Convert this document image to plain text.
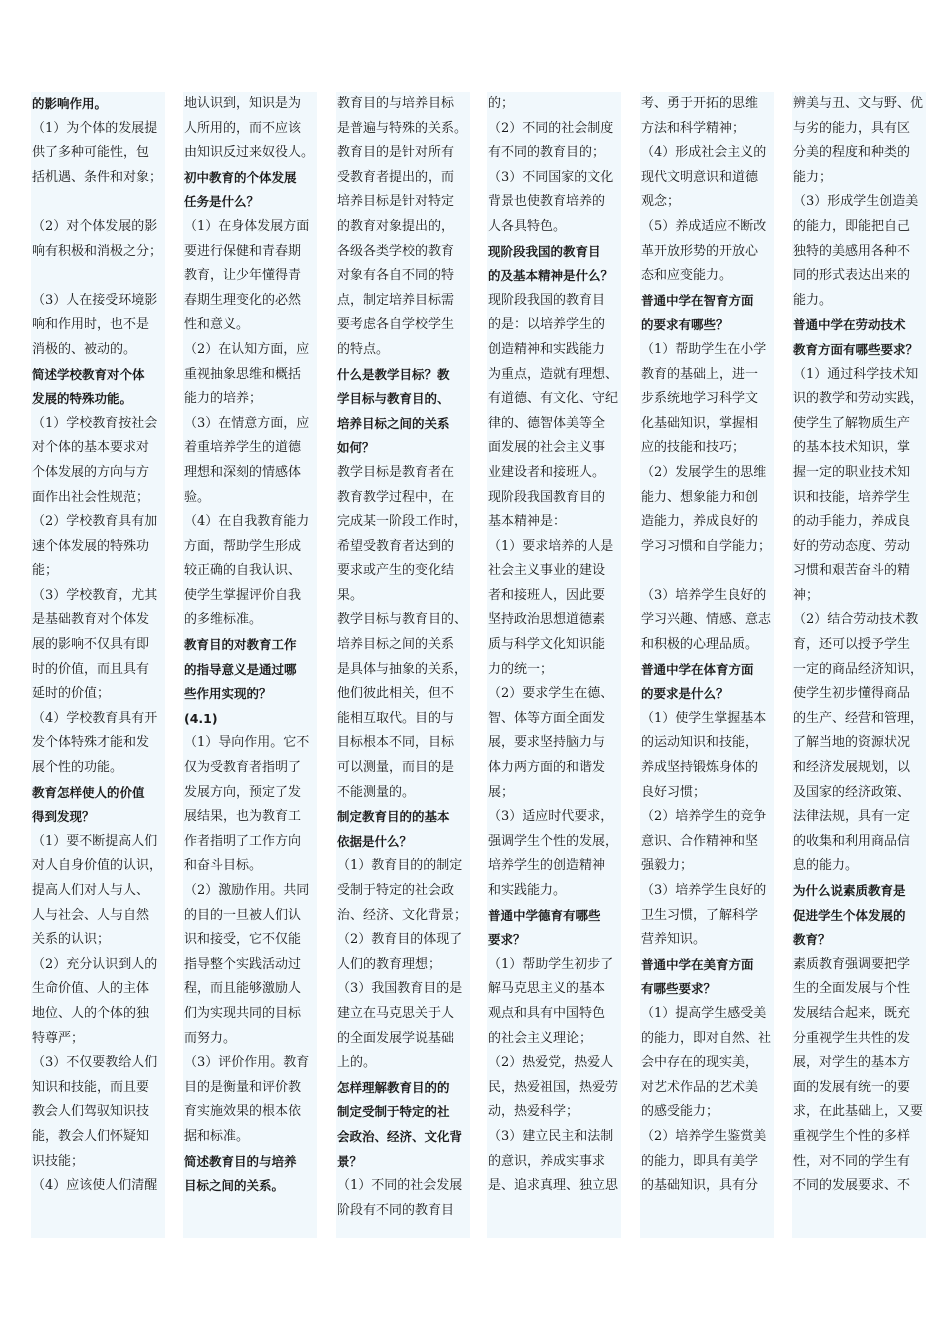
的影响作用。
（1）为个体的发展提
供了多种可能性，包
括机遇、条件和对象；

（2）对个体发展的影
响有积极和消极之分；

（3）人在接受环境影
响和作用时，也不是
消极的、被动的。

简述学校教育对个体
发展的特殊功能。
（1）学校教育按社会
对个体的基本要求对
个体发展的方向与方
面作出社会性规范；
（2）学校教育具有加
速个体发展的特殊功
能；
（3）学校教育，尤其
是基础教育对个体发
展的影响不仅具有即
时的价值，而且具有
延时的价值；
（4）学校教育具有开
发个体特殊才能和发
展个性的功能。
教育怎样使人的价值
得到发现？
（1）要不断提高人们
对人自身价值的认识，
提高人们对人与人、
人与社会、人与自然
关系的认识；
（2）充分认识到人的
生命价值、人的主体
地位、人的个体的独
特尊严；
（3）不仅要教给人们
知识和技能，而且要
教会人们驾驭知识技
能，教会人们怀疑知
识技能；
（4）应该使人们清醒
地认识到，知识是为
人所用的，而不应该
由知识反过来奴役人。

初中教育的个体发展
任务是什么？
（1）在身体发展方面
要进行保健和青春期
教育，让少年懂得青
春期生理变化的必然
性和意义。
（2）在认知方面，应
重视抽象思维和概括
能力的培养；
（3）在情意方面，应
着重培养学生的道德
理想和深刻的情感体
验。
（4）在自我教育能力
方面，帮助学生形成
较正确的自我认识、
使学生掌握评价自我
的多维标准。
教育目的对教育工作
的指导意义是通过哪
些作用实现的？
(4.1)
（1）导向作用。它不
仅为受教育者指明了
发展方向，预定了发
展结果，也为教育工
作者指明了工作方向
和奋斗目标。
（2）激励作用。共同
的目的一旦被人们认
识和接受，它不仅能
指导整个实践活动过
程，而且能够激励人
们为实现共同的目标
而努力。
（3）评价作用。教育
目的是衡量和评价教
育实施效果的根本依
据和标准。
简述教育目的与培养
目标之间的关系。
教育目的与培养目标
是普遍与特殊的关系。
教育目的是针对所有
受教育者提出的，而
培养目标是针对特定
的教育对象提出的，
各级各类学校的教育
对象有各自不同的特
点，制定培养目标需
要考虑各自学校学生
的特点。
什么是教学目标？教
学目标与教育目的、
培养目标之间的关系
如何？
教学目标是教育者在
教育教学过程中，在
完成某一阶段工作时，
希望受教育者达到的
要求或产生的变化结
果。
教学目标与教育目的、
培养目标之间的关系
是具体与抽象的关系，
他们彼此相关，但不
能相互取代。目的与
目标根本不同，目标
可以测量，而目的是
不能测量的。
制定教育目的的基本
依据是什么？
（1）教育目的的制定
受制于特定的社会政
治、经济、文化背景；
（2）教育目的体现了
人们的教育理想；
（3）我国教育目的是
建立在马克思关于人
的全面发展学说基础
上的。
怎样理解教育目的的
制定受制于特定的社
会政治、经济、文化背
景？
（1）不同的社会发展
阶段有不同的教育目
的；
（2）不同的社会制度
有不同的教育目的；
（3）不同国家的文化
背景也使教育培养的
人各具特色。
现阶段我国的教育目
的及基本精神是什么？

现阶段我国的教育目
的是：以培养学生的
创造精神和实践能力
为重点，造就有理想、
有道德、有文化、守纪
律的、德智体美等全
面发展的社会主义事
业建设者和接班人。
现阶段我国教育目的
基本精神是：
（1）要求培养的人是
社会主义事业的建设
者和接班人，因此要
坚持政治思想道德素
质与科学文化知识能
力的统一；
（2）要求学生在德、
智、体等方面全面发
展，要求坚持脑力与
体力两方面的和谐发
展；
（3）适应时代要求，
强调学生个性的发展，
培养学生的创造精神
和实践能力。
普通中学德育有哪些
要求？
（1）帮助学生初步了
解马克思主义的基本
观点和具有中国特色
的社会主义理论；
（2）热爱党，热爱人
民，热爱祖国，热爱劳
动，热爱科学；
（3）建立民主和法制
的意识，养成实事求
是、追求真理、独立思
考、勇于开拓的思维
方法和科学精神；
（4）形成社会主义的
现代文明意识和道德
观念；
（5）养成适应不断改
革开放形势的开放心
态和应变能力。

普通中学在智育方面
的要求有哪些？
（1）帮助学生在小学
教育的基础上，进一
步系统地学习科学文
化基础知识，掌握相
应的技能和技巧；
（2）发展学生的思维
能力、想象能力和创
造能力，养成良好的
学习习惯和自学能力；

（3）培养学生良好的
学习兴趣、情感、意志
和积极的心理品质。
普通中学在体育方面
的要求是什么？
（1）使学生掌握基本
的运动知识和技能，
养成坚持锻炼身体的
良好习惯；
（2）培养学生的竞争
意识、合作精神和坚
强毅力；
（3）培养学生良好的
卫生习惯，了解科学
营养知识。
普通中学在美育方面
有哪些要求？
（1）提高学生感受美
的能力，即对自然、社
会中存在的现实美，
对艺术作品的艺术美
的感受能力；
（2）培养学生鉴赏美
的能力，即具有美学
的基础知识，具有分
辨美与丑、文与野、优
与劣的能力，具有区
分美的程度和种类的
能力；
（3）形成学生创造美
的能力，即能把自己
独特的美感用各种不
同的形式表达出来的
能力。
普通中学在劳动技术
教育方面有哪些要求？

（1）通过科学技术知
识的教学和劳动实践，
使学生了解物质生产
的基本技术知识，掌
握一定的职业技术知
识和技能，培养学生
的动手能力，养成良
好的劳动态度、劳动
习惯和艰苦奋斗的精
神；
（2）结合劳动技术教
育，还可以授予学生
一定的商品经济知识，
使学生初步懂得商品
的生产、经营和管理，
了解当地的资源状况
和经济发展规划，以
及国家的经济政策、
法律法规，具有一定
的收集和利用商品信
息的能力。
为什么说素质教育是
促进学生个体发展的
教育？
素质教育强调要把学
生的全面发展与个性
发展结合起来，既充
分重视学生共性的发
展，对学生的基本方
面的发展有统一的要
求，在此基础上，又要
重视学生个性的多样
性，对不同的学生有
不同的发展要求、不
